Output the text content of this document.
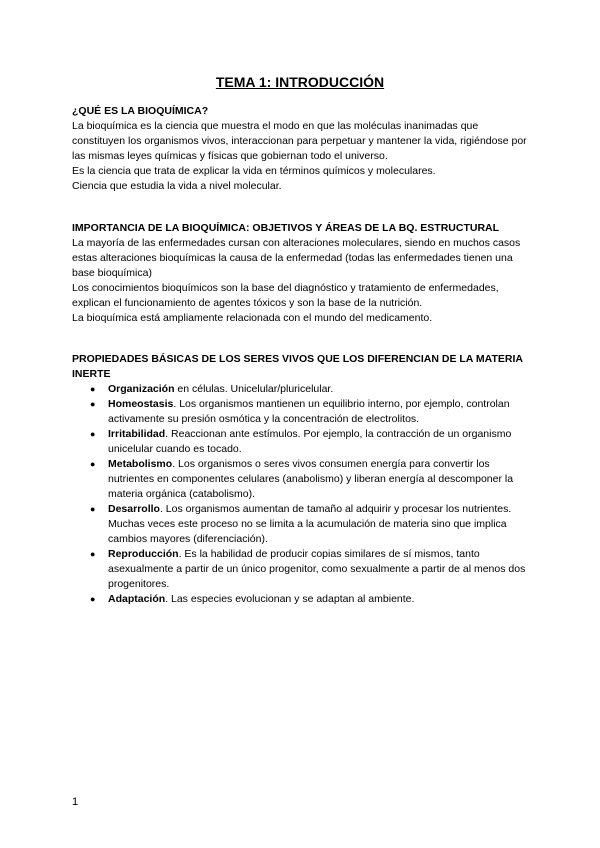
TEMA 1: INTRODUCCIÓN

¿QUÉ ES LA BIOQUÍMICA?

La bioquímica es la ciencia que muestra el modo en que las moléculas inanimadas que constituyen los organismos vivos, interaccionan para perpetuar y mantener la vida, rigiéndose por las mismas leyes químicas y físicas que gobiernan todo el universo.

Es la ciencia que trata de explicar la vida en términos químicos y moleculares.

Ciencia que estudia la vida a nivel molecular.

IMPORTANCIA DE LA BIOQUÍMICA: OBJETIVOS Y ÁREAS DE LA BQ. ESTRUCTURAL

La mayoría de las enfermedades cursan con alteraciones moleculares, siendo en muchos casos estas alteraciones bioquímicas la causa de la enfermedad (todas las enfermedades tienen una base bioquímica)

Los conocimientos bioquímicos son la base del diagnóstico y tratamiento de enfermedades, explican el funcionamiento de agentes tóxicos y son la base de la nutrición.

La bioquímica está ampliamente relacionada con el mundo del medicamento.

PROPIEDADES BÁSICAS DE LOS SERES VIVOS QUE LOS DIFERENCIAN DE LA MATERIA INERTE

● Organización en células. Unicelular/pluricelular.
● Homeostasis. Los organismos mantienen un equilibrio interno, por ejemplo, controlan activamente su presión osmótica y la concentración de electrolitos.
● Irritabilidad. Reaccionan ante estímulos. Por ejemplo, la contracción de un organismo unicelular cuando es tocado.
● Metabolismo. Los organismos o seres vivos consumen energía para convertir los nutrientes en componentes celulares (anabolismo) y liberan energía al descomponer la materia orgánica (catabolismo).
● Desarrollo. Los organismos aumentan de tamaño al adquirir y procesar los nutrientes. Muchas veces este proceso no se limita a la acumulación de materia sino que implica cambios mayores (diferenciación).
● Reproducción. Es la habilidad de producir copias similares de sí mismos, tanto asexualmente a partir de un único progenitor, como sexualmente a partir de al menos dos progenitores.
● Adaptación. Las especies evolucionan y se adaptan al ambiente.
1
